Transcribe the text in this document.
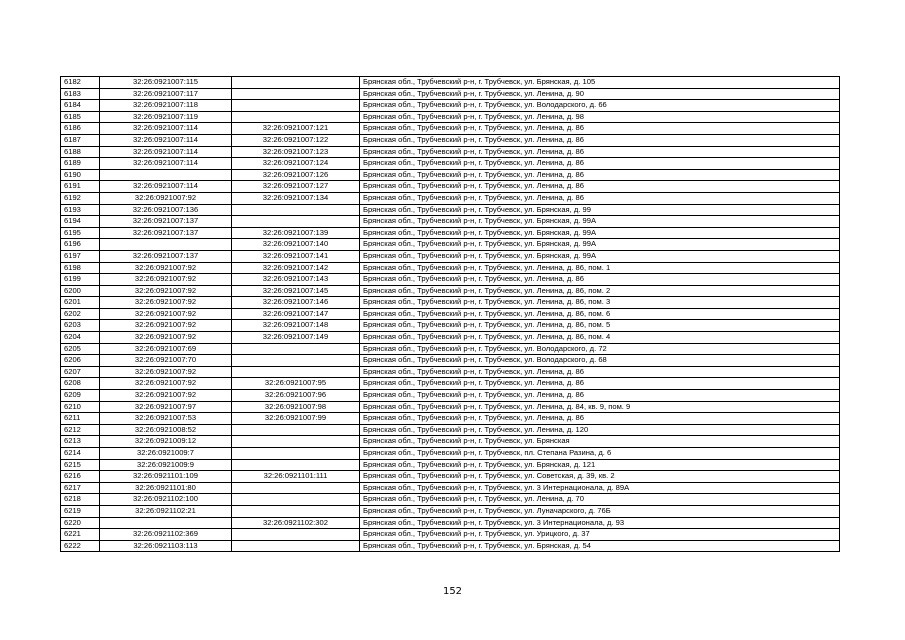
6182	32:26:0921007:115		Брянская обл., Трубчевский р-н, г. Трубчевск, ул. Брянская, д. 105
6183	32:26:0921007:117		Брянская обл., Трубчевский р-н, г. Трубчевск, ул. Ленина, д. 90
6184	32:26:0921007:118		Брянская обл., Трубчевский р-н, г. Трубчевск, ул. Володарского, д. 66
6185	32:26:0921007:119		Брянская обл., Трубчевский р-н, г. Трубчевск, ул. Ленина, д. 98
6186	32:26:0921007:114	32:26:0921007:121	Брянская обл., Трубчевский р-н, г. Трубчевск, ул. Ленина, д. 86
6187	32:26:0921007:114	32:26:0921007:122	Брянская обл., Трубчевский р-н, г. Трубчевск, ул. Ленина, д. 86
6188	32:26:0921007:114	32:26:0921007:123	Брянская обл., Трубчевский р-н, г. Трубчевск, ул. Ленина, д. 86
6189	32:26:0921007:114	32:26:0921007:124	Брянская обл., Трубчевский р-н, г. Трубчевск, ул. Ленина, д. 86
6190		32:26:0921007:126	Брянская обл., Трубчевский р-н, г. Трубчевск, ул. Ленина, д. 86
6191	32:26:0921007:114	32:26:0921007:127	Брянская обл., Трубчевский р-н, г. Трубчевск, ул. Ленина, д. 86
6192	32:26:0921007:92	32:26:0921007:134	Брянская обл., Трубчевский р-н, г. Трубчевск, ул. Ленина, д. 86
6193	32:26:0921007:136		Брянская обл., Трубчевский р-н, г. Трубчевск, ул. Брянская, д. 99
6194	32:26:0921007:137		Брянская обл., Трубчевский р-н, г. Трубчевск, ул. Брянская, д. 99А
6195	32:26:0921007:137	32:26:0921007:139	Брянская обл., Трубчевский р-н, г. Трубчевск, ул. Брянская, д. 99А
6196		32:26:0921007:140	Брянская обл., Трубчевский р-н, г. Трубчевск, ул. Брянская, д. 99А
6197	32:26:0921007:137	32:26:0921007:141	Брянская обл., Трубчевский р-н, г. Трубчевск, ул. Брянская, д. 99А
6198	32:26:0921007:92	32:26:0921007:142	Брянская обл., Трубчевский р-н, г. Трубчевск, ул. Ленина, д. 86, пом. 1
6199	32:26:0921007:92	32:26:0921007:143	Брянская обл., Трубчевский р-н, г. Трубчевск, ул. Ленина, д. 86
6200	32:26:0921007:92	32:26:0921007:145	Брянская обл., Трубчевский р-н, г. Трубчевск, ул. Ленина, д. 86, пом. 2
6201	32:26:0921007:92	32:26:0921007:146	Брянская обл., Трубчевский р-н, г. Трубчевск, ул. Ленина, д. 86, пом. 3
6202	32:26:0921007:92	32:26:0921007:147	Брянская обл., Трубчевский р-н, г. Трубчевск, ул. Ленина, д. 86, пом. 6
6203	32:26:0921007:92	32:26:0921007:148	Брянская обл., Трубчевский р-н, г. Трубчевск, ул. Ленина, д. 86, пом. 5
6204	32:26:0921007:92	32:26:0921007:149	Брянская обл., Трубчевский р-н, г. Трубчевск, ул. Ленина, д. 86, пом. 4
6205	32:26:0921007:69		Брянская обл., Трубчевский р-н, г. Трубчевск, ул. Володарского, д. 72
6206	32:26:0921007:70		Брянская обл., Трубчевский р-н, г. Трубчевск, ул. Володарского, д. 68
6207	32:26:0921007:92		Брянская обл., Трубчевский р-н, г. Трубчевск, ул. Ленина, д. 86
6208	32:26:0921007:92	32:26:0921007:95	Брянская обл., Трубчевский р-н, г. Трубчевск, ул. Ленина, д. 86
6209	32:26:0921007:92	32:26:0921007:96	Брянская обл., Трубчевский р-н, г. Трубчевск, ул. Ленина, д. 86
6210	32:26:0921007:97	32:26:0921007:98	Брянская обл., Трубчевский р-н, г. Трубчевск, ул. Ленина, д. 84, кв. 9, пом. 9
6211	32:26:0921007:53	32:26:0921007:99	Брянская обл., Трубчевский р-н, г. Трубчевск, ул. Ленина, д. 86
6212	32:26:0921008:52		Брянская обл., Трубчевский р-н, г. Трубчевск, ул. Ленина, д. 120
6213	32:26:0921009:12		Брянская обл., Трубчевский р-н, г. Трубчевск, ул. Брянская
6214	32:26:0921009:7		Брянская обл., Трубчевский р-н, г. Трубчевск, пл. Степана Разина, д. 6
6215	32:26:0921009:9		Брянская обл., Трубчевский р-н, г. Трубчевск, ул. Брянская, д. 121
6216	32:26:0921101:109	32:26:0921101:111	Брянская обл., Трубчевский р-н, г. Трубчевск, ул. Советская, д. 39, кв. 2
6217	32:26:0921101:80		Брянская обл., Трубчевский р-н, г. Трубчевск, ул. 3 Интернационала, д. 89А
6218	32:26:0921102:100		Брянская обл., Трубчевский р-н, г. Трубчевск, ул. Ленина, д. 70
6219	32:26:0921102:21		Брянская обл., Трубчевский р-н, г. Трубчевск, ул. Луначарского, д. 76Б
6220		32:26:0921102:302	Брянская обл., Трубчевский р-н, г. Трубчевск, ул. 3 Интернационала, д. 93
6221	32:26:0921102:369		Брянская обл., Трубчевский р-н, г. Трубчевск, ул. Урицкого, д. 37
6222	32:26:0921103:113		Брянская обл., Трубчевский р-н, г. Трубчевск, ул. Брянская, д. 54
152
